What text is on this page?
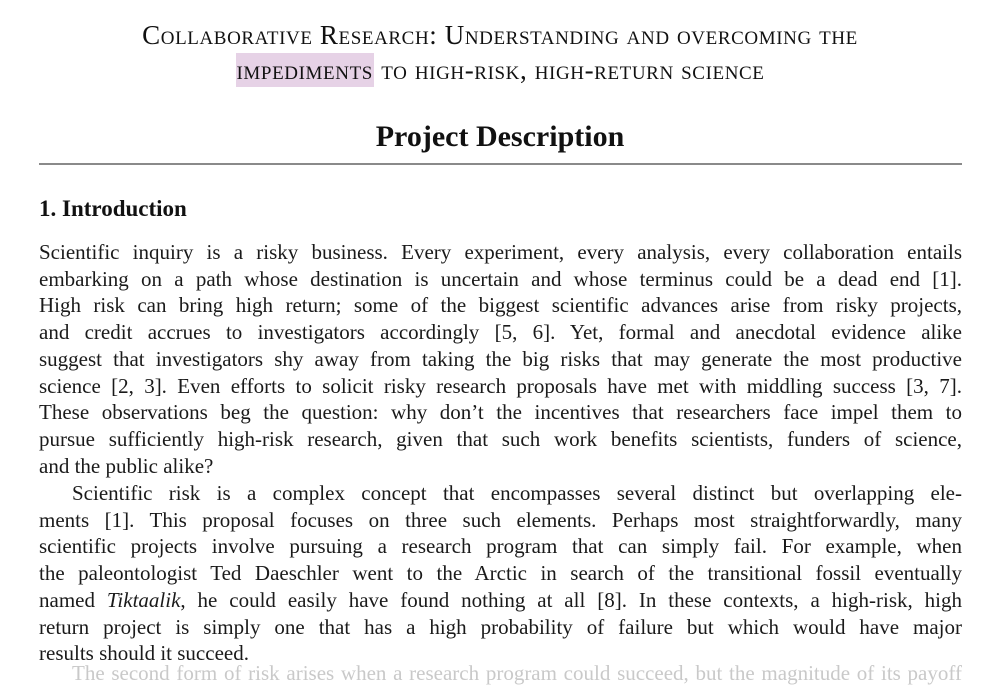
Collaborative Research: Understanding and overcoming the
impediments to high-risk, high-return science
Project Description
1. Introduction
Scientific inquiry is a risky business. Every experiment, every analysis, every collaboration entails
embarking on a path whose destination is uncertain and whose terminus could be a dead end [1].
High risk can bring high return; some of the biggest scientific advances arise from risky projects,
and credit accrues to investigators accordingly [5, 6]. Yet, formal and anecdotal evidence alike
suggest that investigators shy away from taking the big risks that may generate the most productive
science [2, 3]. Even efforts to solicit risky research proposals have met with middling success [3, 7].
These observations beg the question: why don’t the incentives that researchers face impel them to
pursue sufficiently high-risk research, given that such work benefits scientists, funders of science,
and the public alike?
Scientific risk is a complex concept that encompasses several distinct but overlapping ele-
ments [1]. This proposal focuses on three such elements. Perhaps most straightforwardly, many
scientific projects involve pursuing a research program that can simply fail. For example, when
the paleontologist Ted Daeschler went to the Arctic in search of the transitional fossil eventually
named Tiktaalik, he could easily have found nothing at all [8]. In these contexts, a high-risk, high
return project is simply one that has a high probability of failure but which would have major
results should it succeed.
The second form of risk arises when a research program could succeed, but the magnitude of its payoff
